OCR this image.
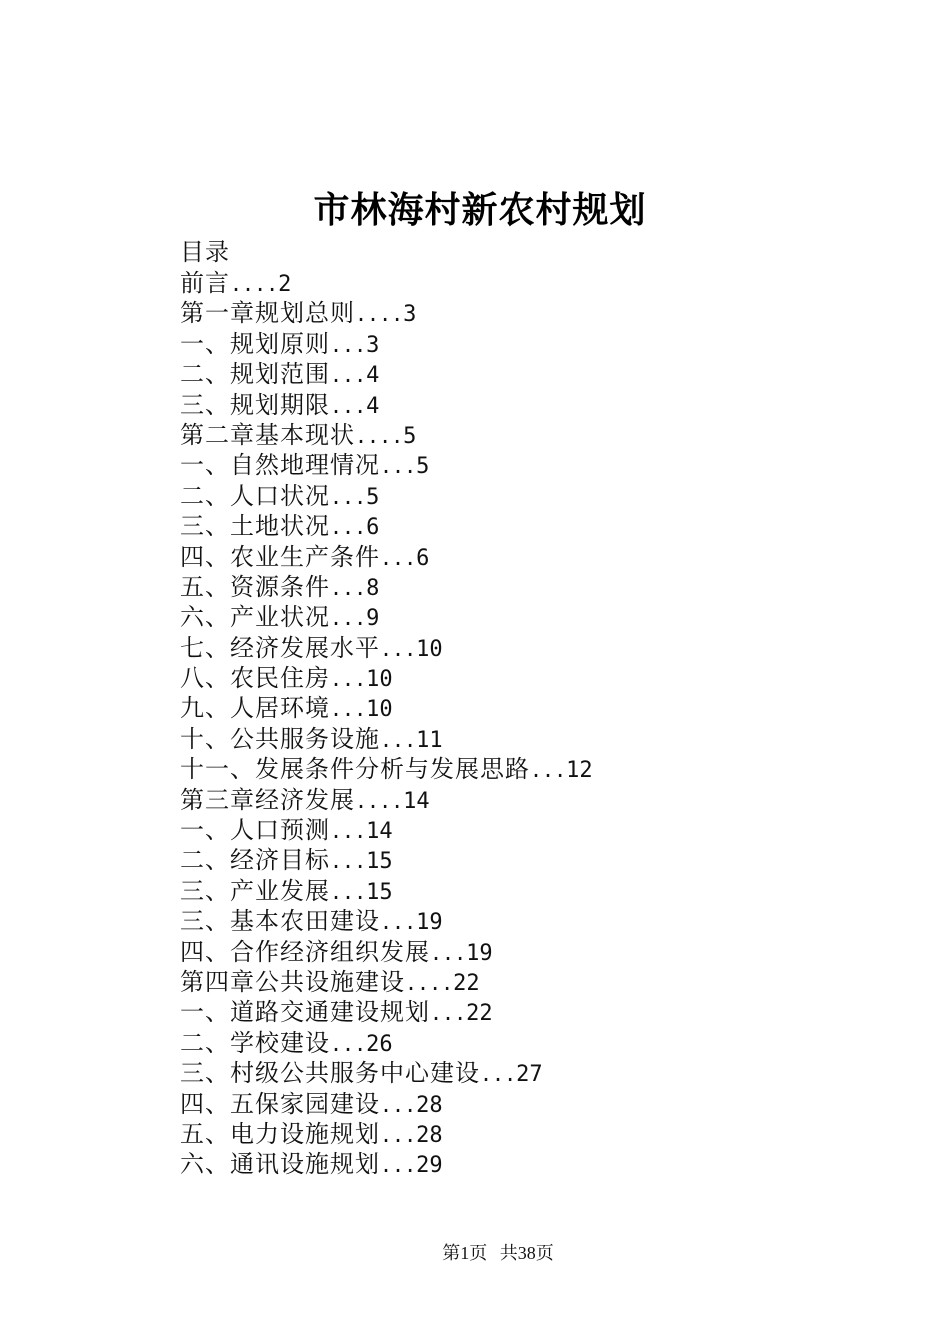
市林海村新农村规划
目录
前言....2
第一章规划总则....3
一、规划原则...3
二、规划范围...4
三、规划期限...4
第二章基本现状....5
一、自然地理情况...5
二、人口状况...5
三、土地状况...6
四、农业生产条件...6
五、资源条件...8
六、产业状况...9
七、经济发展水平...10
八、农民住房...10
九、人居环境...10
十、公共服务设施...11
十一、发展条件分析与发展思路...12
第三章经济发展....14
一、人口预测...14
二、经济目标...15
三、产业发展...15
三、基本农田建设...19
四、合作经济组织发展...19
第四章公共设施建设....22
一、道路交通建设规划...22
二、学校建设...26
三、村级公共服务中心建设...27
四、五保家园建设...28
五、电力设施规划...28
六、通讯设施规划...29
第1页 共38页
